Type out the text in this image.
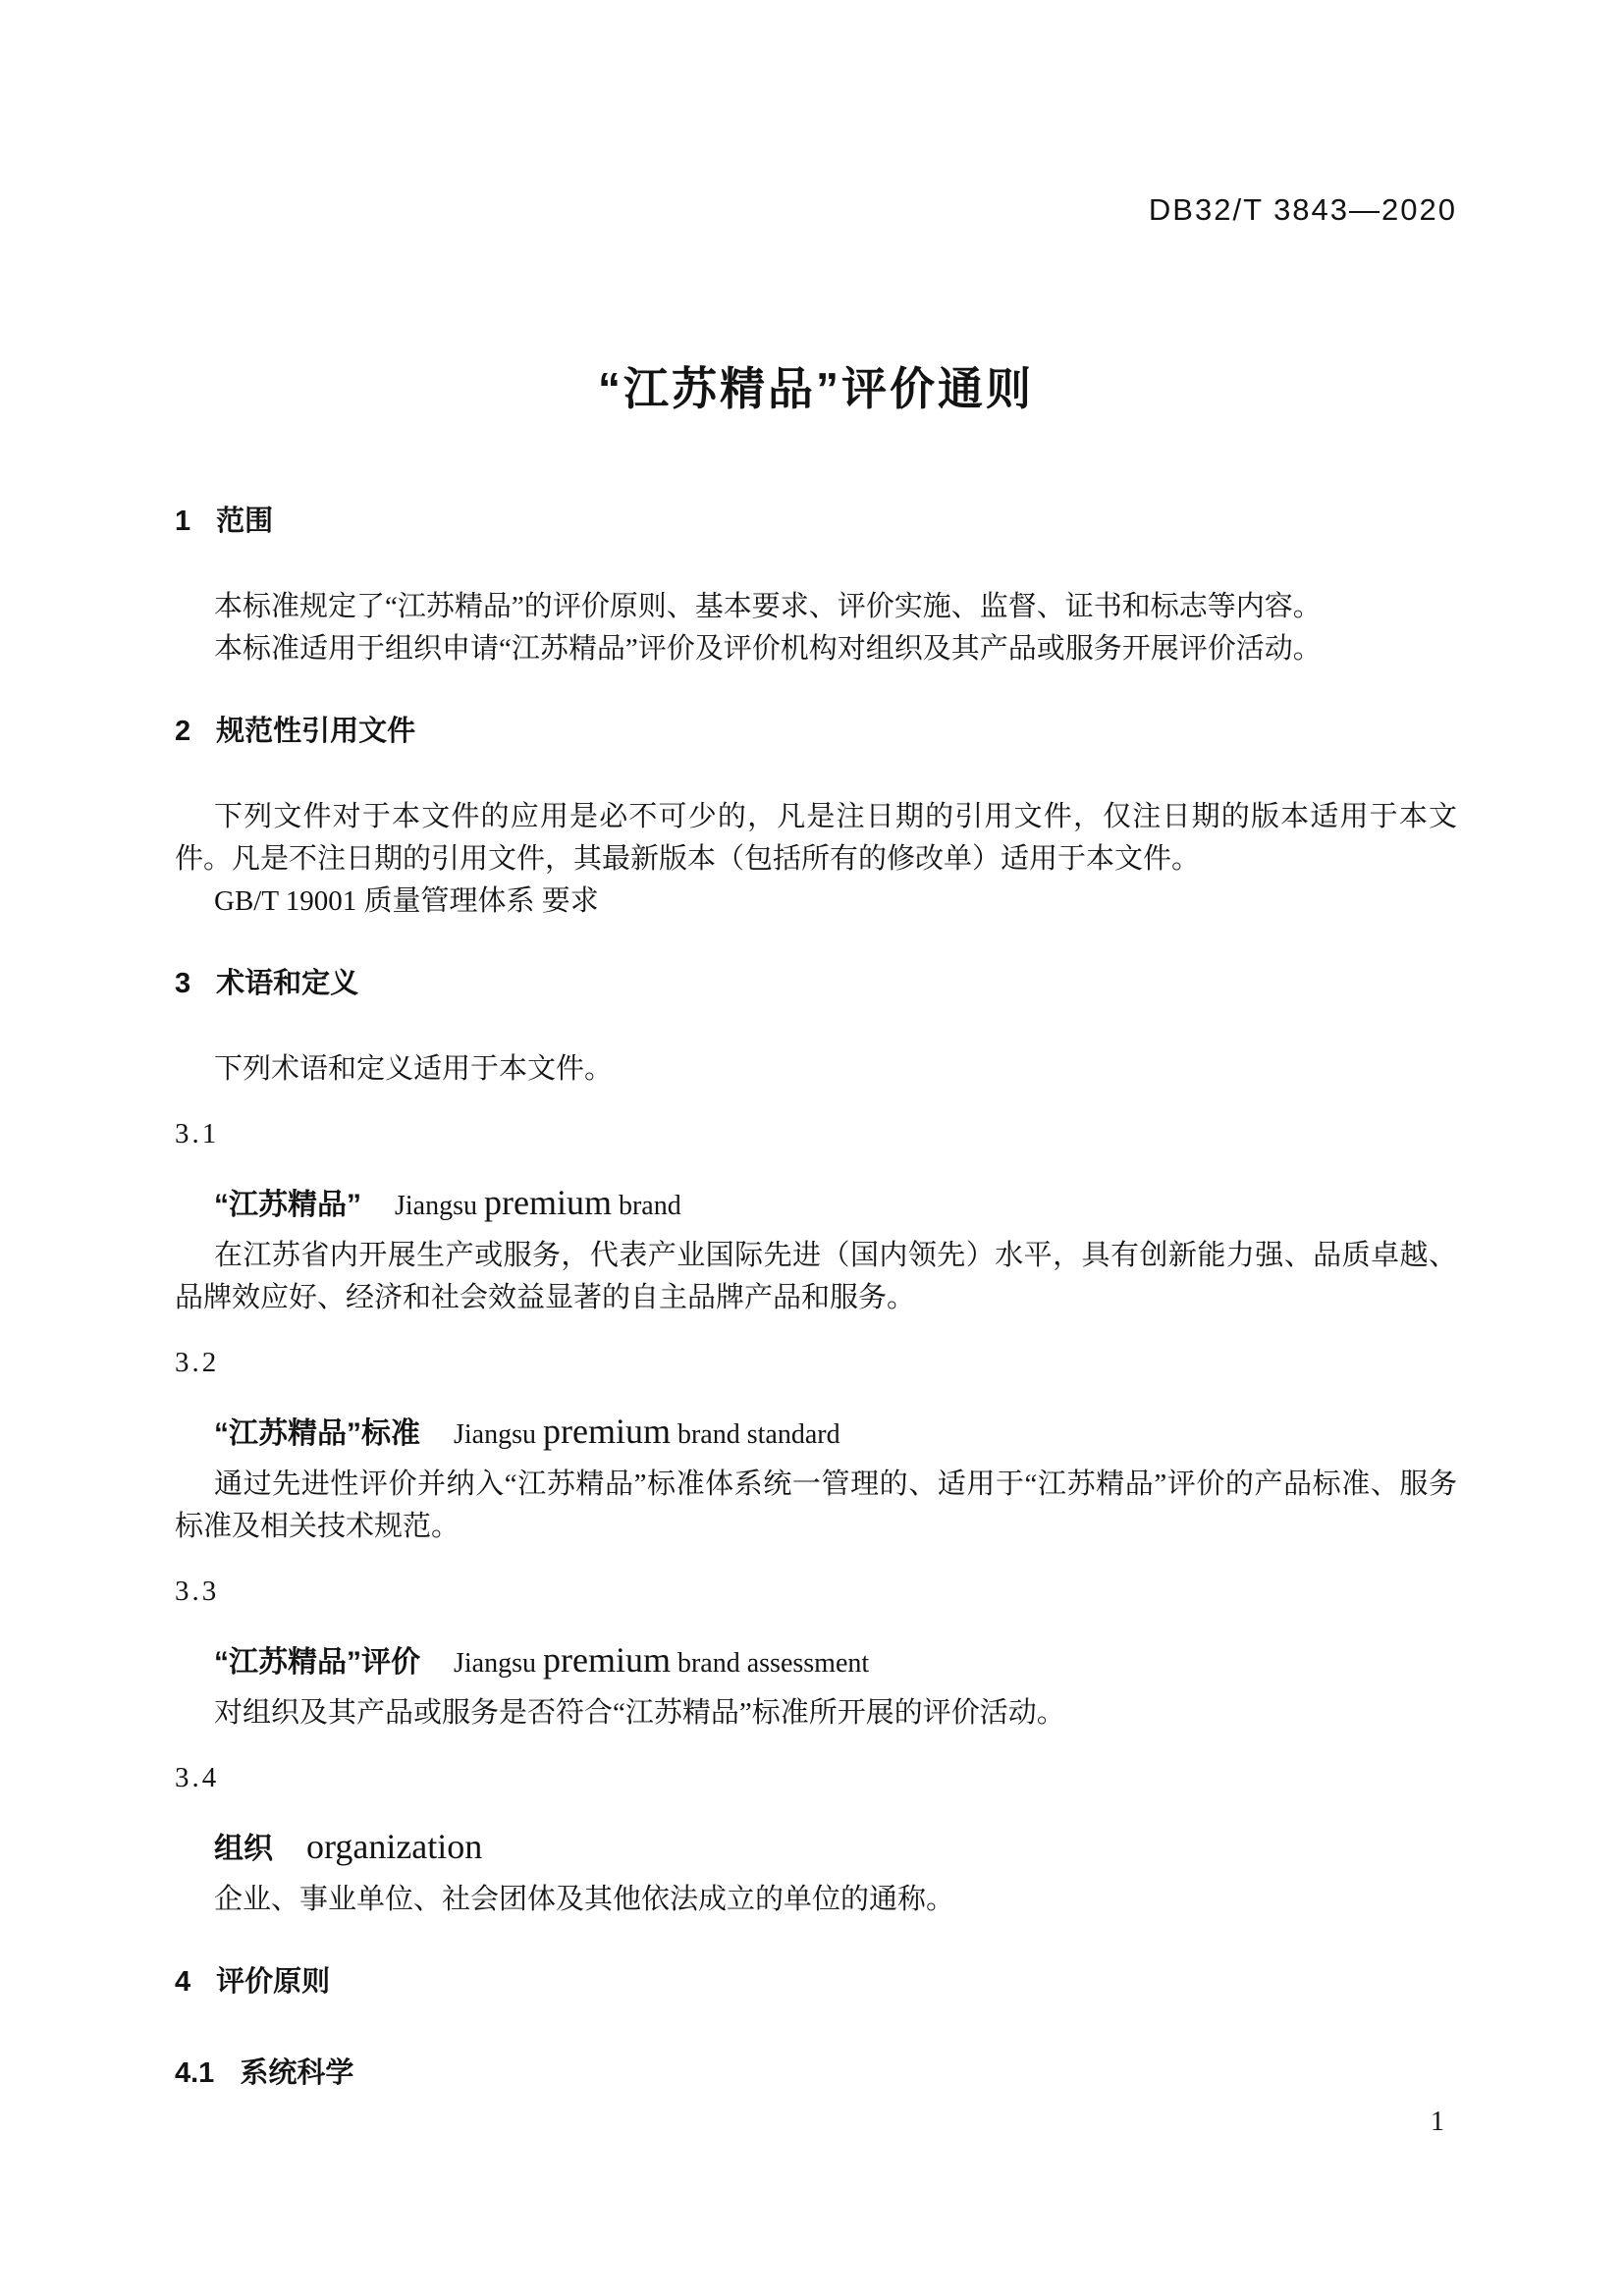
DB32/T 3843—2020
“江苏精品”评价通则
1 范围

本标准规定了“江苏精品”的评价原则、基本要求、评价实施、监督、证书和标志等内容。

本标准适用于组织申请“江苏精品”评价及评价机构对组织及其产品或服务开展评价活动。

2 规范性引用文件

下列文件对于本文件的应用是必不可少的，凡是注日期的引用文件，仅注日期的版本适用于本文件。凡是不注日期的引用文件，其最新版本（包括所有的修改单）适用于本文件。

GB/T 19001 质量管理体系 要求

3 术语和定义

下列术语和定义适用于本文件。

3.1

“江苏精品” Jiangsu premium brand

在江苏省内开展生产或服务，代表产业国际先进（国内领先）水平，具有创新能力强、品质卓越、品牌效应好、经济和社会效益显著的自主品牌产品和服务。

3.2

“江苏精品”标准 Jiangsu premium brand standard

通过先进性评价并纳入“江苏精品”标准体系统一管理的、适用于“江苏精品”评价的产品标准、服务标准及相关技术规范。

3.3

“江苏精品”评价 Jiangsu premium brand assessment

对组织及其产品或服务是否符合“江苏精品”标准所开展的评价活动。

3.4

组织 organization

企业、事业单位、社会团体及其他依法成立的单位的通称。

4 评价原则
4.1 系统科学
1
